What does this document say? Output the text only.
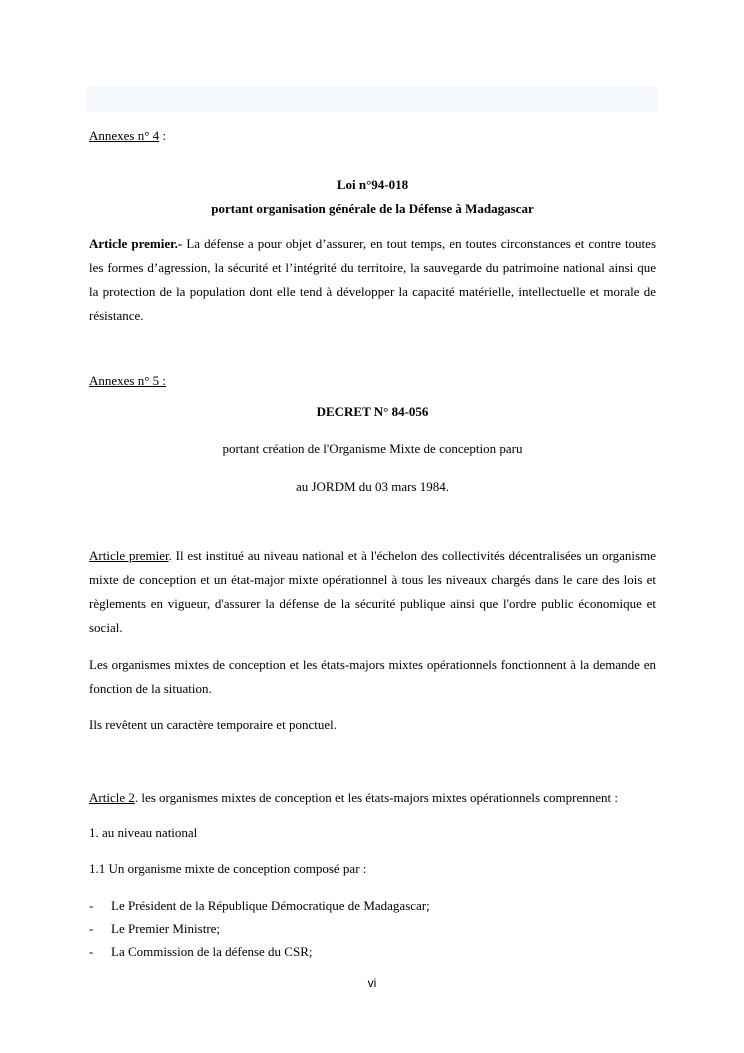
Annexes n° 4 :
Loi n°94-018
portant organisation générale de la Défense à Madagascar
Article premier.- La défense a pour objet d’assurer, en tout temps, en toutes circonstances et contre toutes les formes d’agression, la sécurité et l’intégrité du territoire, la sauvegarde du patrimoine national ainsi que la protection de la population dont elle tend à développer la capacité matérielle, intellectuelle et morale de résistance.
Annexes n° 5 :
DECRET N° 84-056
portant création de l'Organisme Mixte de conception paru
au JORDM du 03 mars 1984.
Article premier. Il est institué au niveau national et à l'échelon des collectivités décentralisées un organisme mixte de conception et un état-major mixte opérationnel à tous les niveaux chargés dans le care des lois et règlements en vigueur, d'assurer la défense de la sécurité publique ainsi que l'ordre public économique et social.
Les organismes mixtes de conception et les états-majors mixtes opérationnels fonctionnent à la demande en fonction de la situation.
Ils revêtent un caractère temporaire et ponctuel.
Article 2. les organismes mixtes de conception et les états-majors mixtes opérationnels comprennent :
1. au niveau national
1.1 Un organisme mixte de conception composé par :
- Le Président de la République Démocratique de Madagascar;
- Le Premier Ministre;
- La Commission de la défense du CSR;
vi
